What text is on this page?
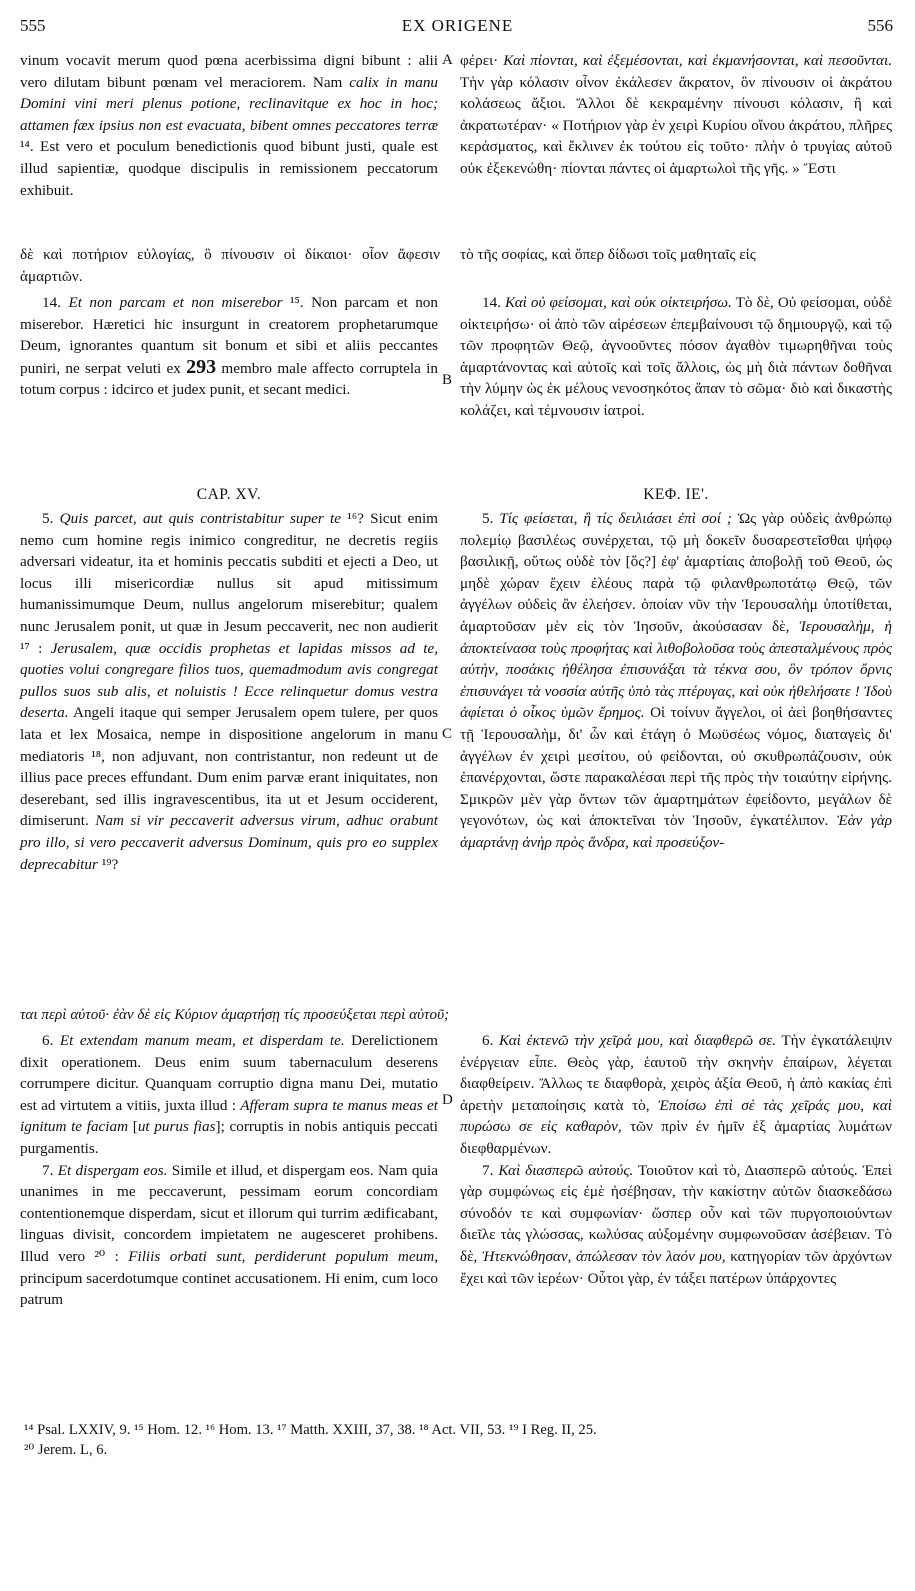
555	EX ORIGENE	556

vinum vocavit merum quod pœna acerbissima digni bibunt : alii vero dilutam bibunt pœnam vel meraciorem. Nam calix in manu Domini vini meri plenus potione, reclinavitque ex hoc in hoc; attamen fæx ipsius non est evacuata, bibent omnes peccatores terræ ¹⁴. Est vero et poculum benedictionis quod bibunt justi, quale est illud sapientiæ, quodque discipulis in remissionem peccatorum exhibuit.

φέρει· Καὶ πίονται, καὶ ἐξεμέσονται, καὶ ἐκμανήσονται, καὶ πεσοῦνται. Τὴν γὰρ κόλασιν οἶνον ἐκάλεσεν ἄκρατον, ὃν πίνουσιν οἱ ἀκράτου κολάσεως ἄξιοι. Ἄλλοι δὲ κεκραμένην πίνουσι κόλασιν, ἢ καὶ ἀκρατωτέραν· « Ποτήριον γὰρ ἐν χειρὶ Κυρίου οἴνου ἀκράτου, πλῆρες κεράσματος, καὶ ἔκλινεν ἐκ τούτου εἰς τοῦτο· πλὴν ὁ τρυγίας αὐτοῦ οὐκ ἐξεκενώθη· πίονται πάντες οἱ ἁμαρτωλοὶ τῆς γῆς. » Ἔστι

A
δὲ καὶ ποτήριον εὐλογίας, ὃ πίνουσιν οἱ δίκαιοι· οἷον ἄφεσιν ἁμαρτιῶν.
τὸ τῆς σοφίας, καὶ ὅπερ δίδωσι τοῖς μαθηταῖς εἰς

14. Et non parcam et non miserebor ¹⁵. Non parcam et non miserebor. Hæretici hic insurgunt in creatorem prophetarumque Deum, ignorantes quantum sit bonum et sibi et aliis peccantes puniri, ne serpat veluti ex 293 membro male affecto corruptela in totum corpus : idcirco et judex punit, et secant medici.

14. Καὶ οὐ φείσομαι, καὶ οὐκ οἰκτειρήσω. Τὸ δὲ, Οὐ φείσομαι, οὐδὲ οἰκτειρήσω· οἱ ἀπὸ τῶν αἱρέσεων ἐπεμβαίνουσι τῷ δημιουργῷ, καὶ τῷ τῶν προφητῶν Θεῷ, ἀγνοοῦντες πόσον ἀγαθὸν τιμωρηθῆναι τοὺς ἁμαρτάνοντας καὶ αὐτοῖς καὶ τοῖς ἄλλοις, ὡς μὴ διὰ πάντων δοθῆναι τὴν λύμην ὡς ἐκ μέλους νενοσηκότος ἅπαν τὸ σῶμα· διὸ καὶ δικαστὴς κολάζει, καὶ τέμνουσιν ἰατροί.

B
CAP. XV.	ΚΕΦ. ΙΕ'.

5. Quis parcet, aut quis contristabitur super te ¹⁶? Sicut enim nemo cum homine regis inimico congreditur, ne decretis regiis adversari videatur, ita et hominis peccatis subditi et ejecti a Deo, ut locus illi misericordiæ nullus sit apud mitissimum humanissimumque Deum, nullus angelorum miserebitur; qualem nunc Jerusalem ponit, ut quæ in Jesum peccaverit, nec non audierit ¹⁷ : Jerusalem, quæ occidis prophetas et lapidas missos ad te, quoties volui congregare filios tuos, quemadmodum avis congregat pullos suos sub alis, et noluistis ! Ecce relinquetur domus vestra deserta. Angeli itaque qui semper Jerusalem opem tulere, per quos lata et lex Mosaica, nempe in dispositione angelorum in manu mediatoris ¹⁸, non adjuvant, non contristantur, non redeunt ut de illius pace preces effundant. Dum enim parvæ erant iniquitates, non deserebant, sed illis ingravescentibus, ita ut et Jesum occiderent, dimiserunt. Nam si vir peccaverit adversus virum, adhuc orabunt pro illo, si vero peccaverit adversus Dominum, quis pro eo supplex deprecabitur ¹⁹?

5. Τίς φείσεται, ἢ τίς δειλιάσει ἐπὶ σοί ; Ὡς γὰρ οὐδεὶς ἀνθρώπῳ πολεμίῳ βασιλέως συνέρχεται, τῷ μὴ δοκεῖν δυσαρεστεῖσθαι ψήφῳ βασιλικῇ, οὕτως οὐδὲ τὸν [ὅς?] ἐφ' ἁμαρτίαις ἀποβολῇ τοῦ Θεοῦ, ὡς μηδὲ χώραν ἔχειν ἐλέους παρὰ τῷ φιλανθρωποτάτῳ Θεῷ, τῶν ἀγγέλων οὐδεὶς ἂν ἐλεήσεν. ὁποίαν νῦν τὴν Ἱερουσαλὴμ ὑποτίθεται, ἁμαρτοῦσαν μὲν εἰς τὸν Ἰησοῦν, ἀκούσασαν δὲ, Ἱερουσαλὴμ, ἡ ἀποκτείνασα τοὺς προφήτας καὶ λιθοβολοῦσα τοὺς ἀπεσταλμένους πρὸς αὐτὴν, ποσάκις ἠθέλησα ἐπισυνάξαι τὰ τέκνα σου, ὃν τρόπον ὄρνις ἐπισυνάγει τὰ νοσσία αὐτῆς ὑπὸ τὰς πτέρυγας, καὶ οὐκ ἠθελήσατε ! Ἰδοὺ ἀφίεται ὁ οἶκος ὑμῶν ἔρημος. Οἱ τοίνυν ἄγγελοι, οἱ ἀεὶ βοηθήσαντες τῇ Ἱερουσαλὴμ, δι' ὧν καὶ ἐτάγη ὁ Μωϋσέως νόμος, διαταγεὶς δι' ἀγγέλων ἐν χειρὶ μεσίτου, οὐ φείδονται, οὐ σκυθρωπάζουσιν, οὐκ ἐπανέρχονται, ὥστε παρακαλέσαι περὶ τῆς πρὸς τὴν τοιαύτην εἰρήνης. Σμικρῶν μὲν γὰρ ὄντων τῶν ἁμαρτημάτων ἐφείδοντο, μεγάλων δὲ γεγονότων, ὡς καὶ ἀποκτεῖναι τὸν Ἰησοῦν, ἐγκατέλιπον. Ἐὰν γὰρ ἁμαρτάνῃ ἀνὴρ πρὸς ἄνδρα, καὶ προσεύξον-

C

ται περὶ αὐτοῦ· ἐὰν δὲ εἰς Κύριον ἁμαρτήσῃ τίς προσεύξεται περὶ αὐτοῦ;

6. Et extendam manum meam, et disperdam te. Derelictionem dixit operationem. Deus enim suum tabernaculum deserens corrumpere dicitur. Quanquam corruptio digna manu Dei, mutatio est ad virtutem a vitiis, juxta illud : Afferam supra te manus meas et ignitum te faciam [ut purus fias]; corruptis in nobis antiquis peccati purgamentis.

7. Et dispergam eos. Simile et illud, et dispergam eos. Nam quia unanimes in me peccaverunt, pessimam eorum concordiam contentionemque disperdam, sicut et illorum qui turrim ædificabant, linguas divisit, concordem impietatem ne augesceret prohibens. Illud vero ²⁰ : Filiis orbati sunt, perdiderunt populum meum, principum sacerdotumque continet accusationem. Hi enim, cum loco patrum

6. Καὶ ἐκτενῶ τὴν χεῖρά μου, καὶ διαφθερῶ σε. Τὴν ἐγκατάλειψιν ἐνέργειαν εἶπε. Θεὸς γὰρ, ἑαυτοῦ τὴν σκηνὴν ἐπαίρων, λέγεται διαφθείρειν. Ἄλλως τε διαφθορὰ, χειρὸς ἀξία Θεοῦ, ἡ ἀπὸ κακίας ἐπὶ ἀρετὴν μεταποίησις κατὰ τὸ, Ἐποίσω ἐπὶ σὲ τὰς χεῖράς μου, καὶ πυρώσω σε εἰς καθαρὸν, τῶν πρὶν ἐν ἡμῖν ἐξ ἁμαρτίας λυμάτων διεφθαρμένων.

7. Καὶ διασπερῶ αὐτούς. Τοιοῦτον καὶ τὸ, Διασπερῶ αὐτούς. Ἐπεὶ γὰρ συμφώνως εἰς ἐμὲ ἠσέβησαν, τὴν κακίστην αὐτῶν διασκεδάσω σύνοδόν τε καὶ συμφωνίαν· ὥσπερ οὖν καὶ τῶν πυργοποιούντων διεῖλε τὰς γλώσσας, κωλύσας αὐξομένην συμφωνοῦσαν ἀσέβειαν. Τὸ δὲ, Ἠτεκνώθησαν, ἀπώλεσαν τὸν λαόν μου, κατηγορίαν τῶν ἀρχόντων ἔχει καὶ τῶν ἱερέων· Οὗτοι γὰρ, ἐν τάξει πατέρων ὑπάρχοντες

D

¹⁴ Psal. LXXIV, 9. ¹⁵ Hom. 12. ¹⁶ Hom. 13. ¹⁷ Matth. XXIII, 37, 38. ¹⁸ Act. VII, 53. ¹⁹ I Reg. II, 25.

²⁰ Jerem. L, 6.
